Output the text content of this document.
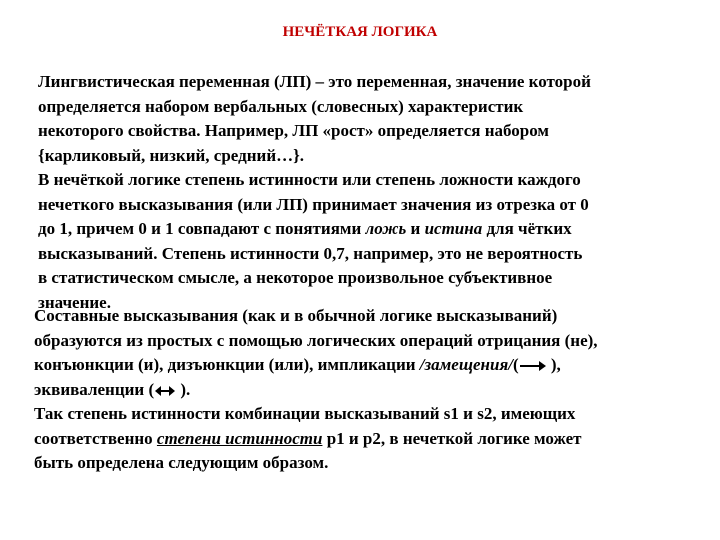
НЕЧЁТКАЯ ЛОГИКА
Лингвистическая переменная (ЛП) – это переменная, значение которой
определяется набором вербальных (словесных) характеристик
некоторого свойства. Например, ЛП «рост» определяется набором
{карликовый, низкий, средний…}.
В нечёткой логике степень истинности или степень ложности каждого
нечеткого высказывания (или ЛП) принимает значения из отрезка от 0
до 1, причем 0 и 1 совпадают с понятиями ложь и истина для чётких
высказываний. Степень истинности 0,7, например, это не вероятность
в статистическом смысле, а некоторое произвольное субъективное
значение.
Составные высказывания (как и в обычной логике высказываний)
образуются из простых с помощью логических операций отрицания (не),
конъюнкции (и), дизъюнкции (или), импликации /замещения/( ),
эквиваленции ( ).
Так степень истинности комбинации высказываний s1 и s2, имеющих
соответственно степени истинности p1 и p2, в нечеткой логике может
быть определена следующим образом.
